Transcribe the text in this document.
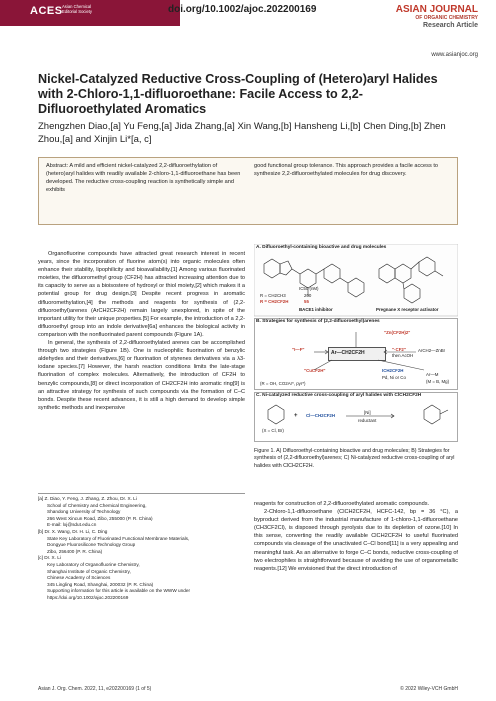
ACES Asian Chemical Editorial Society	doi.org/10.1002/ajoc.202200169	ASIAN JOURNAL
OF ORGANIC CHEMISTRY
Research Article
www.asianjoc.org
Nickel-Catalyzed Reductive Cross-Coupling of (Hetero)aryl Halides with 2-Chloro-1,1-difluoroethane: Facile Access to 2,2-Difluoroethylated Aromatics
Zhengzhen Diao,[a] Yu Feng,[a] Jida Zhang,[a] Xin Wang,[b] Hansheng Li,[b] Chen Ding,[b] Zhen Zhou,[a] and Xinjin Li*[a, c]
Abstract: A mild and efficient nickel-catalyzed 2,2-difluoroethylation of (hetero)aryl halides with readily available 2-chloro-1,1-difluoroethane has been developed. The reductive cross-coupling reaction is synthetically simple and exhibits
good functional group tolerance. This approach provides a facile access to synthesize 2,2-difluoroethylated molecules for drug discovery.

Organofluorine compounds have attracted great research interest in recent years, since the incorporation of fluorine atom(s) into organic molecules often enhance their stability, lipophilicity and bioavailability.[1] Among various fluorinated moieties, the difluoromethyl group (CF2H) has attracted increasing attention due to its capacity to serve as a bioisostere of hydroxyl or thiol moiety,[2] which makes it a potential group for drug design.[3] Despite recent progress in aromatic difluoromethylation,[4] the methods and reagents for synthesis of (2,2-difluoroethyl)arenes (ArCH2CF2H) remain largely unexplored, in spite of the important utility for their unique properties.[5] For example, the introduction of a 2,2-difluoroethyl group into an indole derivative[6a] enhances the biological activity in comparison with the nonfluorinated parent compounds (Figure 1A).

In general, the synthesis of 2,2-difluoroethylated arenes can be accomplished through two strategies (Figure 1B). One is nucleophilic fluorination of benzylic aldehydes and their derivatives,[6] or fluorination of styrenes derivatives via a λ3-iodane species.[7] However, the harsh reaction conditions limits the late-stage fluorination of complex molecules. Alternatively, the introduction of CF2H to benzylic compounds,[8] or direct incorporation of CH2CF2H into aromatic ring[9] is an attractive strategy for synthesis of such compounds via the formation of C–C bonds. Despite these recent advances, it is still a high demand to develop simple synthetic methods and inexpensive

[a] Z. Diao, Y. Feng, J. Zhang, Z. Zhou, Dr. X. Li
School of Chemistry and Chemical Engineering,
Shandong University of Technology
266 West Xincun Road, Zibo, 255000 (P. R. China)
E-mail: lxj@sdut.edu.cn
[b] Dr. X. Wang, Dr. H. Li, C. Ding
State Key Laboratory of Fluorinated Functional Membrane Materials,
Dongyue Fluorosilicone Technology Group
Zibo, 256400 (P. R. China)
[c] Dr. X. Li
Key Laboratory of Organofluorine Chemistry,
Shanghai Institute of Organic Chemistry,
Chinese Academy of Sciences
345 Lingling Road, Shanghai, 200032 (P. R. China)
Supporting information for this article is available on the WWW under https://doi.org/10.1002/ajoc.202200169
A. Difluoroethyl-containing bioactive and drug molecules
IC50 (nM)
R = CH2CH3	200
R = CH2CF2H	55
BACE1 inhibitor	Pregnane X receptor activator
B. Strategies for synthesis of (2,2-difluoroethyl)arenes
Ar—CH2CF2H
"Zn(CF2H)2"
"I—F"	"·CF2"
then AcOH
ArCH2—ZnBr
"CuCF2H"
(R = OH, CO2Ar*, pyr*)
ICH2CF2H
Pd, Ni or Co
Ar—M
(M = B, Mg)
C. Ni-catalyzed reductive cross-coupling of aryl halides with ClCH2CF2H
+ Cl—CH2CF2H
[Ni]
reductant
(X = Cl, Br)
Figure 1. A) Difluoroethyl-containing bioactive and drug molecules; B) Strategies for synthesis of (2,2-difluoroethyl)arenes; C) Ni-catalyzed reductive cross-coupling of aryl halides with ClCH2CF2H.

reagents for construction of 2,2-difluoroethylated aromatic compounds.

2-Chloro-1,1-difluoroethane (ClCH2CF2H, HCFC-142, bp = 36 °C), a byproduct derived from the industrial manufacture of 1-chloro-1,1-difluoroethane (CH3CF2Cl), is disposed through pyrolysis due to its depletion of ozone.[10] In this sense, converting the readily available ClCH2CF2H to useful fluorinated compounds via cleavage of the unactivated C–Cl bond[11] is a very appealing and meaningful task. As an alternative to forge C–C bonds, reductive cross-coupling of two electrophiles is straightforward because of avoiding the use of organometallic reagents.[12] We envisioned that the direct introduction of

Asian J. Org. Chem. 2022, 11, e202200169 (1 of 5)	© 2022 Wiley-VCH GmbH
